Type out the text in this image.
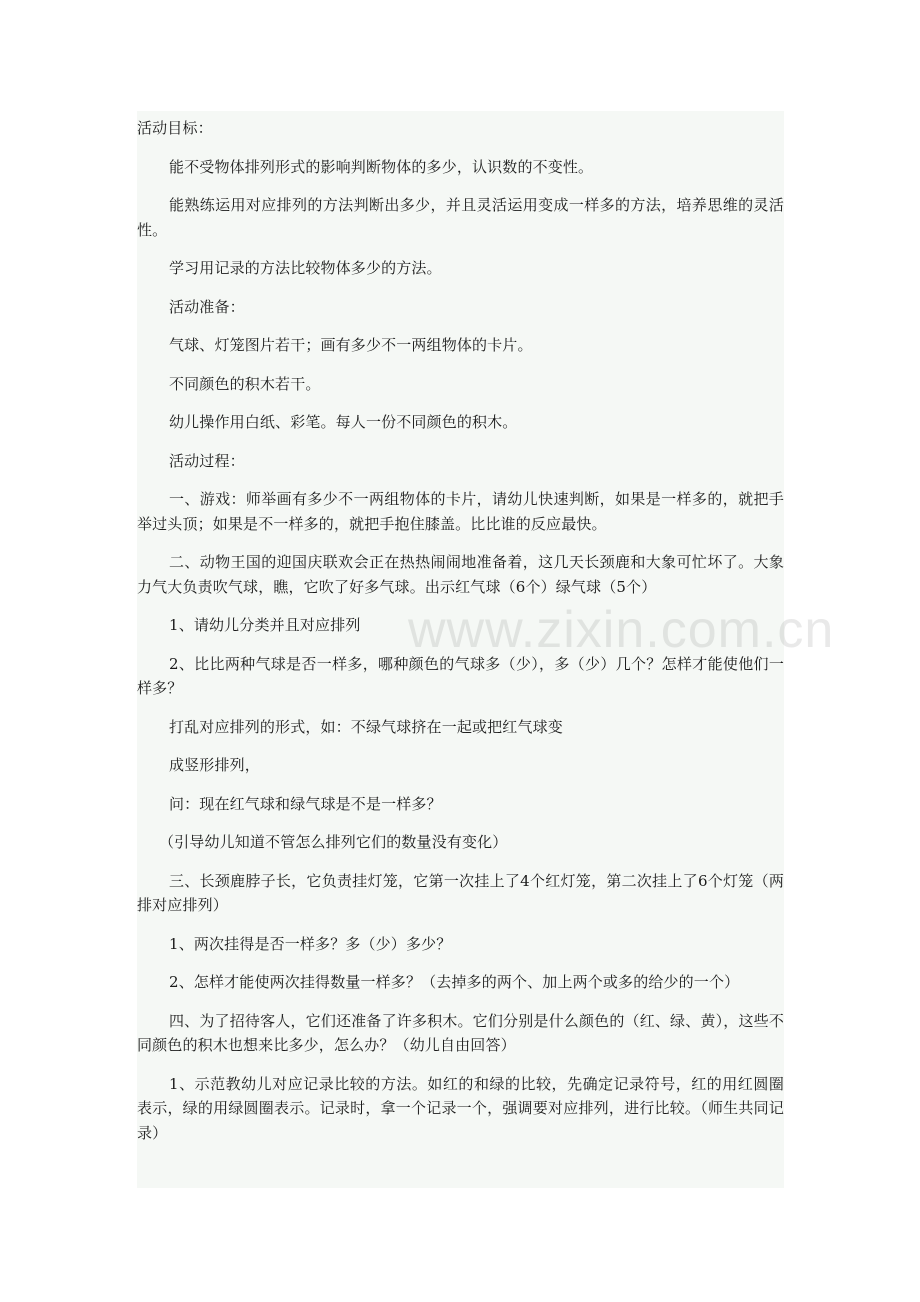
活动目标：

能不受物体排列形式的影响判断物体的多少，认识数的不变性。

能熟练运用对应排列的方法判断出多少，并且灵活运用变成一样多的方法，培养思维的灵活性。

学习用记录的方法比较物体多少的方法。

活动准备：

气球、灯笼图片若干；画有多少不一两组物体的卡片。

不同颜色的积木若干。

幼儿操作用白纸、彩笔。每人一份不同颜色的积木。

活动过程：

一、游戏：师举画有多少不一两组物体的卡片，请幼儿快速判断，如果是一样多的，就把手举过头顶；如果是不一样多的，就把手抱住膝盖。比比谁的反应最快。

二、动物王国的迎国庆联欢会正在热热闹闹地准备着，这几天长颈鹿和大象可忙坏了。大象力气大负责吹气球，瞧，它吹了好多气球。出示红气球（6个）绿气球（5个）

1、请幼儿分类并且对应排列

2、比比两种气球是否一样多，哪种颜色的气球多（少），多（少）几个？怎样才能使他们一样多？

打乱对应排列的形式，如：不绿气球挤在一起或把红气球变

成竖形排列，

问：现在红气球和绿气球是不是一样多？

（引导幼儿知道不管怎么排列它们的数量没有变化）

三、长颈鹿脖子长，它负责挂灯笼，它第一次挂上了4个红灯笼，第二次挂上了6个灯笼（两排对应排列）

1、两次挂得是否一样多？多（少）多少？

2、怎样才能使两次挂得数量一样多？（去掉多的两个、加上两个或多的给少的一个）

四、为了招待客人，它们还准备了许多积木。它们分别是什么颜色的（红、绿、黄），这些不同颜色的积木也想来比多少，怎么办？（幼儿自由回答）

1、示范教幼儿对应记录比较的方法。如红的和绿的比较，先确定记录符号，红的用红圆圈表示，绿的用绿圆圈表示。记录时，拿一个记录一个，强调要对应排列，进行比较。（师生共同记录）
